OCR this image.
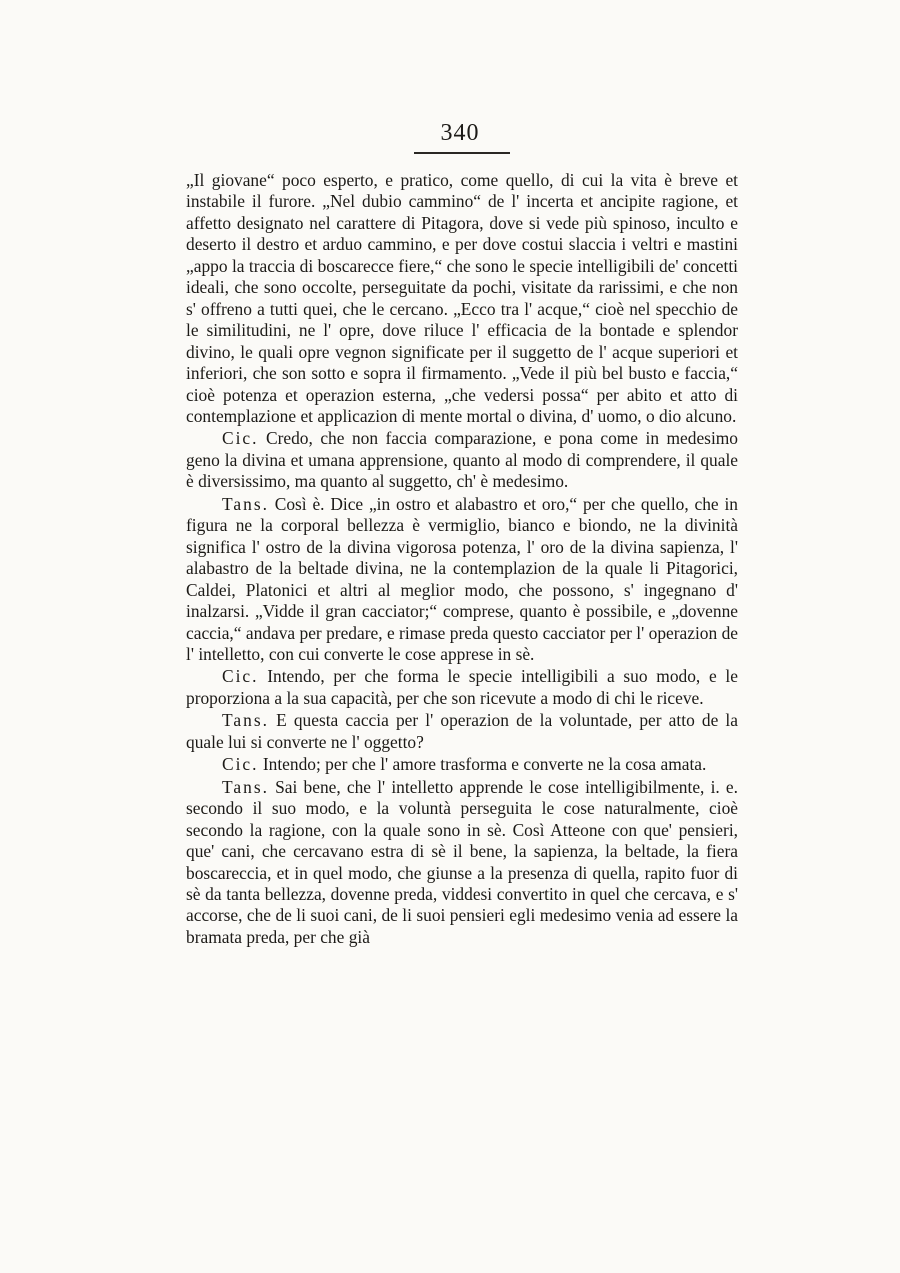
340

„Il giovane“ poco esperto, e pratico, come quello, di cui la vita è breve et instabile il furore. „Nel dubio cammino“ de l' incerta et ancipite ragione, et affetto designato nel carattere di Pitagora, dove si vede più spinoso, inculto e deserto il destro et arduo cammino, e per dove costui slaccia i veltri e mastini „appo la traccia di boscarecce fiere,“ che sono le specie intelligibili de' concetti ideali, che sono occolte, perseguitate da pochi, visitate da rarissimi, e che non s' offreno a tutti quei, che le cercano. „Ecco tra l' acque,“ cioè nel specchio de le similitudini, ne l' opre, dove riluce l' efficacia de la bontade e splendor divino, le quali opre vegnon significate per il suggetto de l' acque superiori et inferiori, che son sotto e sopra il firmamento. „Vede il più bel busto e faccia,“ cioè potenza et operazion esterna, „che vedersi possa“ per abito et atto di contemplazione et applicazion di mente mortal o divina, d' uomo, o dio alcuno.

Cic. Credo, che non faccia comparazione, e pona come in medesimo geno la divina et umana apprensione, quanto al modo di comprendere, il quale è diversissimo, ma quanto al suggetto, ch' è medesimo.

Tans. Così è. Dice „in ostro et alabastro et oro,“ per che quello, che in figura ne la corporal bellezza è vermiglio, bianco e biondo, ne la divinità significa l' ostro de la divina vigorosa potenza, l' oro de la divina sapienza, l' alabastro de la beltade divina, ne la contemplazion de la quale li Pitagorici, Caldei, Platonici et altri al meglior modo, che possono, s' ingegnano d' inalzarsi. „Vidde il gran cacciator;“ comprese, quanto è possibile, e „dovenne caccia,“ andava per predare, e rimase preda questo cacciator per l' operazion de l' intelletto, con cui converte le cose apprese in sè.

Cic. Intendo, per che forma le specie intelligibili a suo modo, e le proporziona a la sua capacità, per che son ricevute a modo di chi le riceve.

Tans. E questa caccia per l' operazion de la voluntade, per atto de la quale lui si converte ne l' oggetto?

Cic. Intendo; per che l' amore trasforma e converte ne la cosa amata.

Tans. Sai bene, che l' intelletto apprende le cose intelligibilmente, i. e. secondo il suo modo, e la voluntà perseguita le cose naturalmente, cioè secondo la ragione, con la quale sono in sè. Così Atteone con que' pensieri, que' cani, che cercavano estra di sè il bene, la sapienza, la beltade, la fiera boscareccia, et in quel modo, che giunse a la presenza di quella, rapito fuor di sè da tanta bellezza, dovenne preda, viddesi convertito in quel che cercava, e s' accorse, che de li suoi cani, de li suoi pensieri egli medesimo venia ad essere la bramata preda, per che già
